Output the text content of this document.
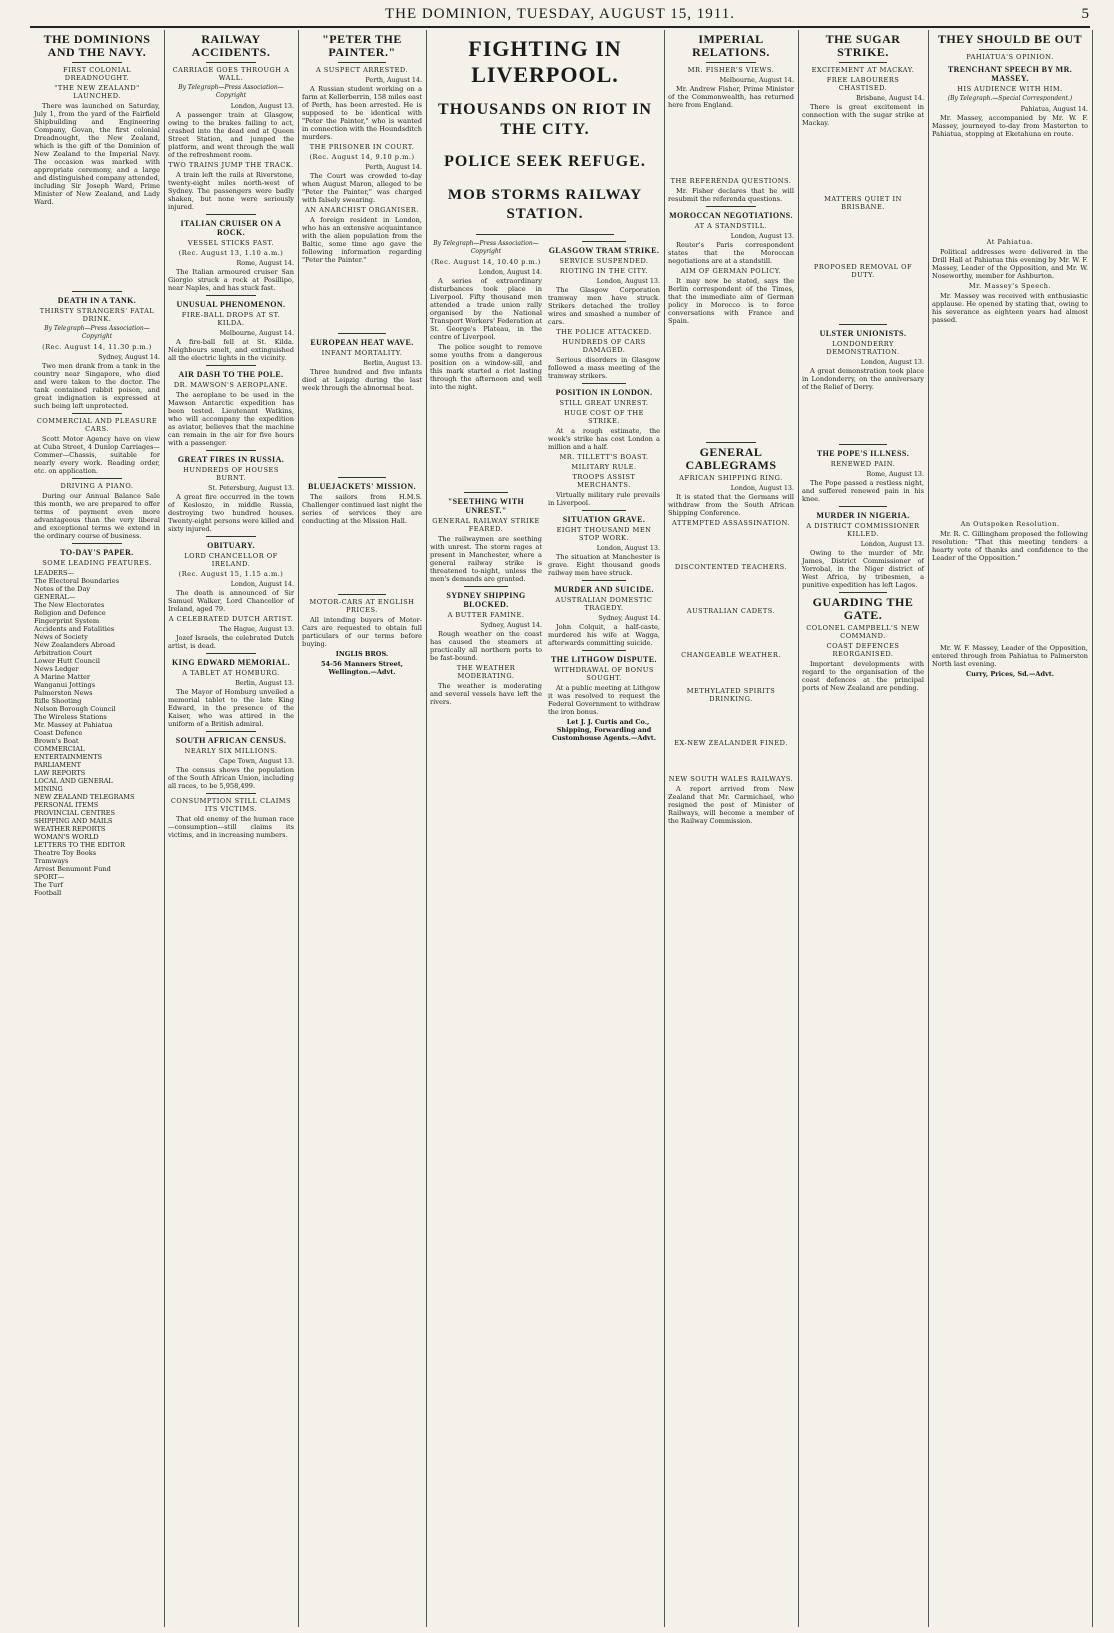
THE DOMINION, TUESDAY, AUGUST 15, 1911.	5
THE DOMINIONS AND THE NAVY.
FIRST COLONIAL DREADNOUGHT.
"THE NEW ZEALAND" LAUNCHED.

There was launched on Saturday, July 1, from the yard of the Fairfield Shipbuilding and Engineering Company, Govan, the first colonial Dreadnought, the New Zealand, which is the gift of the Dominion of New Zealand to the Imperial Navy. The occasion was marked with appropriate ceremony, and a large and distinguished company attended, including Sir Joseph Ward, Prime Minister of New Zealand, and Lady Ward.

DEATH IN A TANK.
THIRSTY STRANGERS' FATAL DRINK.
By Telegraph—Press Association—Copyright
(Rec. August 14, 11.30 p.m.)
Sydney, August 14.

Two men drank from a tank in the country near Singapore, who died and were taken to the doctor. The tank contained rabbit poison, and great indignation is expressed at such being left unprotected.

COMMERCIAL AND PLEASURE CARS.

Scott Motor Agency have on view at Cuba Street, 4 Dunlop Carriages—Commer—Chassis, suitable for nearly every work. Reading order, etc. on application.

DRIVING A PIANO.

During our Annual Balance Sale this month, we are prepared to offer terms of payment even more advantageous than the very liberal and exceptional terms we extend in the ordinary course of business.

TO-DAY'S PAPER.
SOME LEADING FEATURES.
LEADERS—
The Electoral Boundaries
Notes of the Day
GENERAL—
The New Electorates
Religion and Defence
Fingerprint System
Accidents and Fatalities
News of Society
New Zealanders Abroad
Arbitration Court
Lower Hutt Council
News Ledger
A Marine Matter
Wanganui Jottings
Palmerston News
Rifle Shooting
Nelson Borough Council
The Wireless Stations
Mr. Massey at Pahiatua
Coast Defence
Brown's Boat
COMMERCIAL
ENTERTAINMENTS
PARLIAMENT
LAW REPORTS
LOCAL AND GENERAL
MINING
NEW ZEALAND TELEGRAMS
PERSONAL ITEMS
PROVINCIAL CENTRES
SHIPPING AND MAILS
WEATHER REPORTS
WOMAN'S WORLD
LETTERS TO THE EDITOR
Theatre Toy Books
Tramways
Arrest Benumont Fund
SPORT—
The Turf
Football
RAILWAY ACCIDENTS.
CARRIAGE GOES THROUGH A WALL.
By Telegraph—Press Association—Copyright
London, August 13.

A passenger train at Glasgow, owing to the brakes failing to act, crashed into the dead end at Queen Street Station, and jumped the platform, and went through the wall of the refreshment room.

TWO TRAINS JUMP THE TRACK.

A train left the rails at Riverstone, twenty-eight miles north-west of Sydney. The passengers were badly shaken, but none were seriously injured.

ITALIAN CRUISER ON A ROCK.
VESSEL STICKS FAST.
(Rec. August 13, 1.10 a.m.)
Rome, August 14.

The Italian armoured cruiser San Giorgio struck a rock at Posillipo, near Naples, and has stuck fast.

UNUSUAL PHENOMENON.
FIRE-BALL DROPS AT ST. KILDA.
Melbourne, August 14.

A fire-ball fell at St. Kilda. Neighbours smelt, and extinguished all the electric lights in the vicinity.

AIR DASH TO THE POLE.
DR. MAWSON'S AEROPLANE.

The aeroplane to be used in the Mawson Antarctic expedition has been tested. Lieutenant Watkins, who will accompany the expedition as aviator, believes that the machine can remain in the air for five hours with a passenger.

GREAT FIRES IN RUSSIA.
HUNDREDS OF HOUSES BURNT.
St. Petersburg, August 13.

A great fire occurred in the town of Kesloszo, in middle Russia, destroying two hundred houses. Twenty-eight persons were killed and sixty injured.

OBITUARY.
LORD CHANCELLOR OF IRELAND.
(Rec. August 15, 1.15 a.m.)
London, August 14.

The death is announced of Sir Samuel Walker, Lord Chancellor of Ireland, aged 79.

A CELEBRATED DUTCH ARTIST.
The Hague, August 13.

Jozef Israels, the celebrated Dutch artist, is dead.

KING EDWARD MEMORIAL.
A TABLET AT HOMBURG.
Berlin, August 13.

The Mayor of Homburg unveiled a memorial tablet to the late King Edward, in the presence of the Kaiser, who was attired in the uniform of a British admiral.

SOUTH AFRICAN CENSUS.
NEARLY SIX MILLIONS.
Cape Town, August 13.

The census shows the population of the South African Union, including all races, to be 5,958,499.

CONSUMPTION STILL CLAIMS ITS VICTIMS.

That old enemy of the human race—consumption—still claims its victims, and in increasing numbers.

"PETER THE PAINTER."
A SUSPECT ARRESTED.
Perth, August 14.

A Russian student working on a farm at Kellerberrin, 158 miles east of Perth, has been arrested. He is supposed to be identical with "Peter the Painter," who is wanted in connection with the Houndsditch murders.

THE PRISONER IN COURT.
(Rec. August 14, 9.10 p.m.)
Perth, August 14.

The Court was crowded to-day when August Maron, alleged to be "Peter the Painter," was charged with falsely swearing.

AN ANARCHIST ORGANISER.

A foreign resident in London, who has an extensive acquaintance with the alien population from the Baltic, some time ago gave the following information regarding "Peter the Painter."

EUROPEAN HEAT WAVE.
INFANT MORTALITY.
Berlin, August 13.

Three hundred and five infants died at Leipzig during the last week through the abnormal heat.

BLUEJACKETS' MISSION.

The sailors from H.M.S. Challenger continued last night the series of services they are conducting at the Mission Hall.

MOTOR-CARS AT ENGLISH PRICES.

All intending buyers of Motor-Cars are requested to obtain full particulars of our terms before buying.

INGLIS BROS.
54-56 Manners Street, Wellington.—Advt.
FIGHTING IN LIVERPOOL.
THOUSANDS ON RIOT IN THE CITY.
POLICE SEEK REFUGE.
MOB STORMS RAILWAY STATION.
By Telegraph—Press Association—Copyright
(Rec. August 14, 10.40 p.m.)
London, August 14.

A series of extraordinary disturbances took place in Liverpool. Fifty thousand men attended a trade union rally organised by the National Transport Workers' Federation at St. George's Plateau, in the centre of Liverpool.

The police sought to remove some youths from a dangerous position on a window-sill, and this mark started a riot lasting through the afternoon and well into the night.

"SEETHING WITH UNREST."
GENERAL RAILWAY STRIKE FEARED.

The railwaymen are seething with unrest. The storm rages at present in Manchester, where a general railway strike is threatened to-night, unless the men's demands are granted.

SYDNEY SHIPPING BLOCKED.
A BUTTER FAMINE.
Sydney, August 14.

Rough weather on the coast has caused the steamers at practically all northern ports to be fast-bound.

THE WEATHER MODERATING.

The weather is moderating and several vessels have left the rivers.

GLASGOW TRAM STRIKE.
SERVICE SUSPENDED.
RIOTING IN THE CITY.
London, August 13.

The Glasgow Corporation tramway men have struck. Strikers detached the trolley wires and smashed a number of cars.

THE POLICE ATTACKED.
HUNDREDS OF CARS DAMAGED.

Serious disorders in Glasgow followed a mass meeting of the tramway strikers.

POSITION IN LONDON.
STILL GREAT UNREST.
HUGE COST OF THE STRIKE.

At a rough estimate, the week's strike has cost London a million and a half.

MR. TILLETT'S BOAST.
MILITARY RULE.
TROOPS ASSIST MERCHANTS.

Virtually military rule prevails in Liverpool.

SITUATION GRAVE.
EIGHT THOUSAND MEN STOP WORK.
London, August 13.

The situation at Manchester is grave. Eight thousand goods railway men have struck.

MURDER AND SUICIDE.
AUSTRALIAN DOMESTIC TRAGEDY.
Sydney, August 14.

John Colquit, a half-caste, murdered his wife at Wagga, afterwards committing suicide.

THE LITHGOW DISPUTE.
WITHDRAWAL OF BONUS SOUGHT.

At a public meeting at Lithgow it was resolved to request the Federal Government to withdraw the iron bonus.

Let J. J. Curtis and Co., Shipping, Forwarding and Customhouse Agents.—Advt.

IMPERIAL RELATIONS.
MR. FISHER'S VIEWS.
Melbourne, August 14.

Mr. Andrew Fisher, Prime Minister of the Commonwealth, has returned here from England.

THE REFERENDA QUESTIONS.

Mr. Fisher declares that he will resubmit the referenda questions.

MOROCCAN NEGOTIATIONS.
AT A STANDSTILL.
London, August 13.

Reuter's Paris correspondent states that the Moroccan negotiations are at a standstill.

AIM OF GERMAN POLICY.

It may now be stated, says the Berlin correspondent of the Times, that the immediate aim of German policy in Morocco is to force conversations with France and Spain.

GENERAL CABLEGRAMS
AFRICAN SHIPPING RING.
London, August 13.

It is stated that the Germans will withdraw from the South African Shipping Conference.

ATTEMPTED ASSASSINATION.
DISCONTENTED TEACHERS.
AUSTRALIAN CADETS.
CHANGEABLE WEATHER.
METHYLATED SPIRITS DRINKING.
EX-NEW ZEALANDER FINED.
NEW SOUTH WALES RAILWAYS.

A report arrived from New Zealand that Mr. Carmichael, who resigned the post of Minister of Railways, will become a member of the Railway Commission.

THE SUGAR STRIKE.
EXCITEMENT AT MACKAY.
FREE LABOURERS CHASTISED.
Brisbane, August 14.

There is great excitement in connection with the sugar strike at Mackay.

MATTERS QUIET IN BRISBANE.
PROPOSED REMOVAL OF DUTY.
ULSTER UNIONISTS.
LONDONDERRY DEMONSTRATION.
London, August 13.

A great demonstration took place in Londonderry, on the anniversary of the Relief of Derry.

THE POPE'S ILLNESS.
RENEWED PAIN.
Rome, August 13.

The Pope passed a restless night, and suffered renewed pain in his knee.

MURDER IN NIGERIA.
A DISTRICT COMMISSIONER KILLED.
London, August 13.

Owing to the murder of Mr. James, District Commissioner of Yorrobal, in the Niger district of West Africa, by tribesmen, a punitive expedition has left Lagos.

GUARDING THE GATE.
COLONEL CAMPBELL'S NEW COMMAND.
COAST DEFENCES REORGANISED.

Important developments with regard to the organisation of the coast defences at the principal ports of New Zealand are pending.

THEY SHOULD BE OUT
PAHIATUA'S OPINION.
TRENCHANT SPEECH BY MR. MASSEY.
HIS AUDIENCE WITH HIM.
(By Telegraph.—Special Correspondent.)
Pahiatua, August 14.

Mr. Massey, accompanied by Mr. W. F. Massey, journeyed to-day from Masterton to Pahiatua, stopping at Eketahuna en route.

At Pahiatua.

Political addresses were delivered in the Drill Hall at Pahiatua this evening by Mr. W. F. Massey, Leader of the Opposition, and Mr. W. Noseworthy, member for Ashburton.

Mr. Massey's Speech.

Mr. Massey was received with enthusiastic applause. He opened by stating that, owing to his severance as eighteen years had almost passed.

An Outspoken Resolution.

Mr. R. C. Gillingham proposed the following resolution: "That this meeting tenders a hearty vote of thanks and confidence to the Leader of the Opposition."

Mr. W. F. Massey, Leader of the Opposition, entered through from Pahiatua to Palmerston North last evening.

Curry, Prices, Sd.—Advt.
